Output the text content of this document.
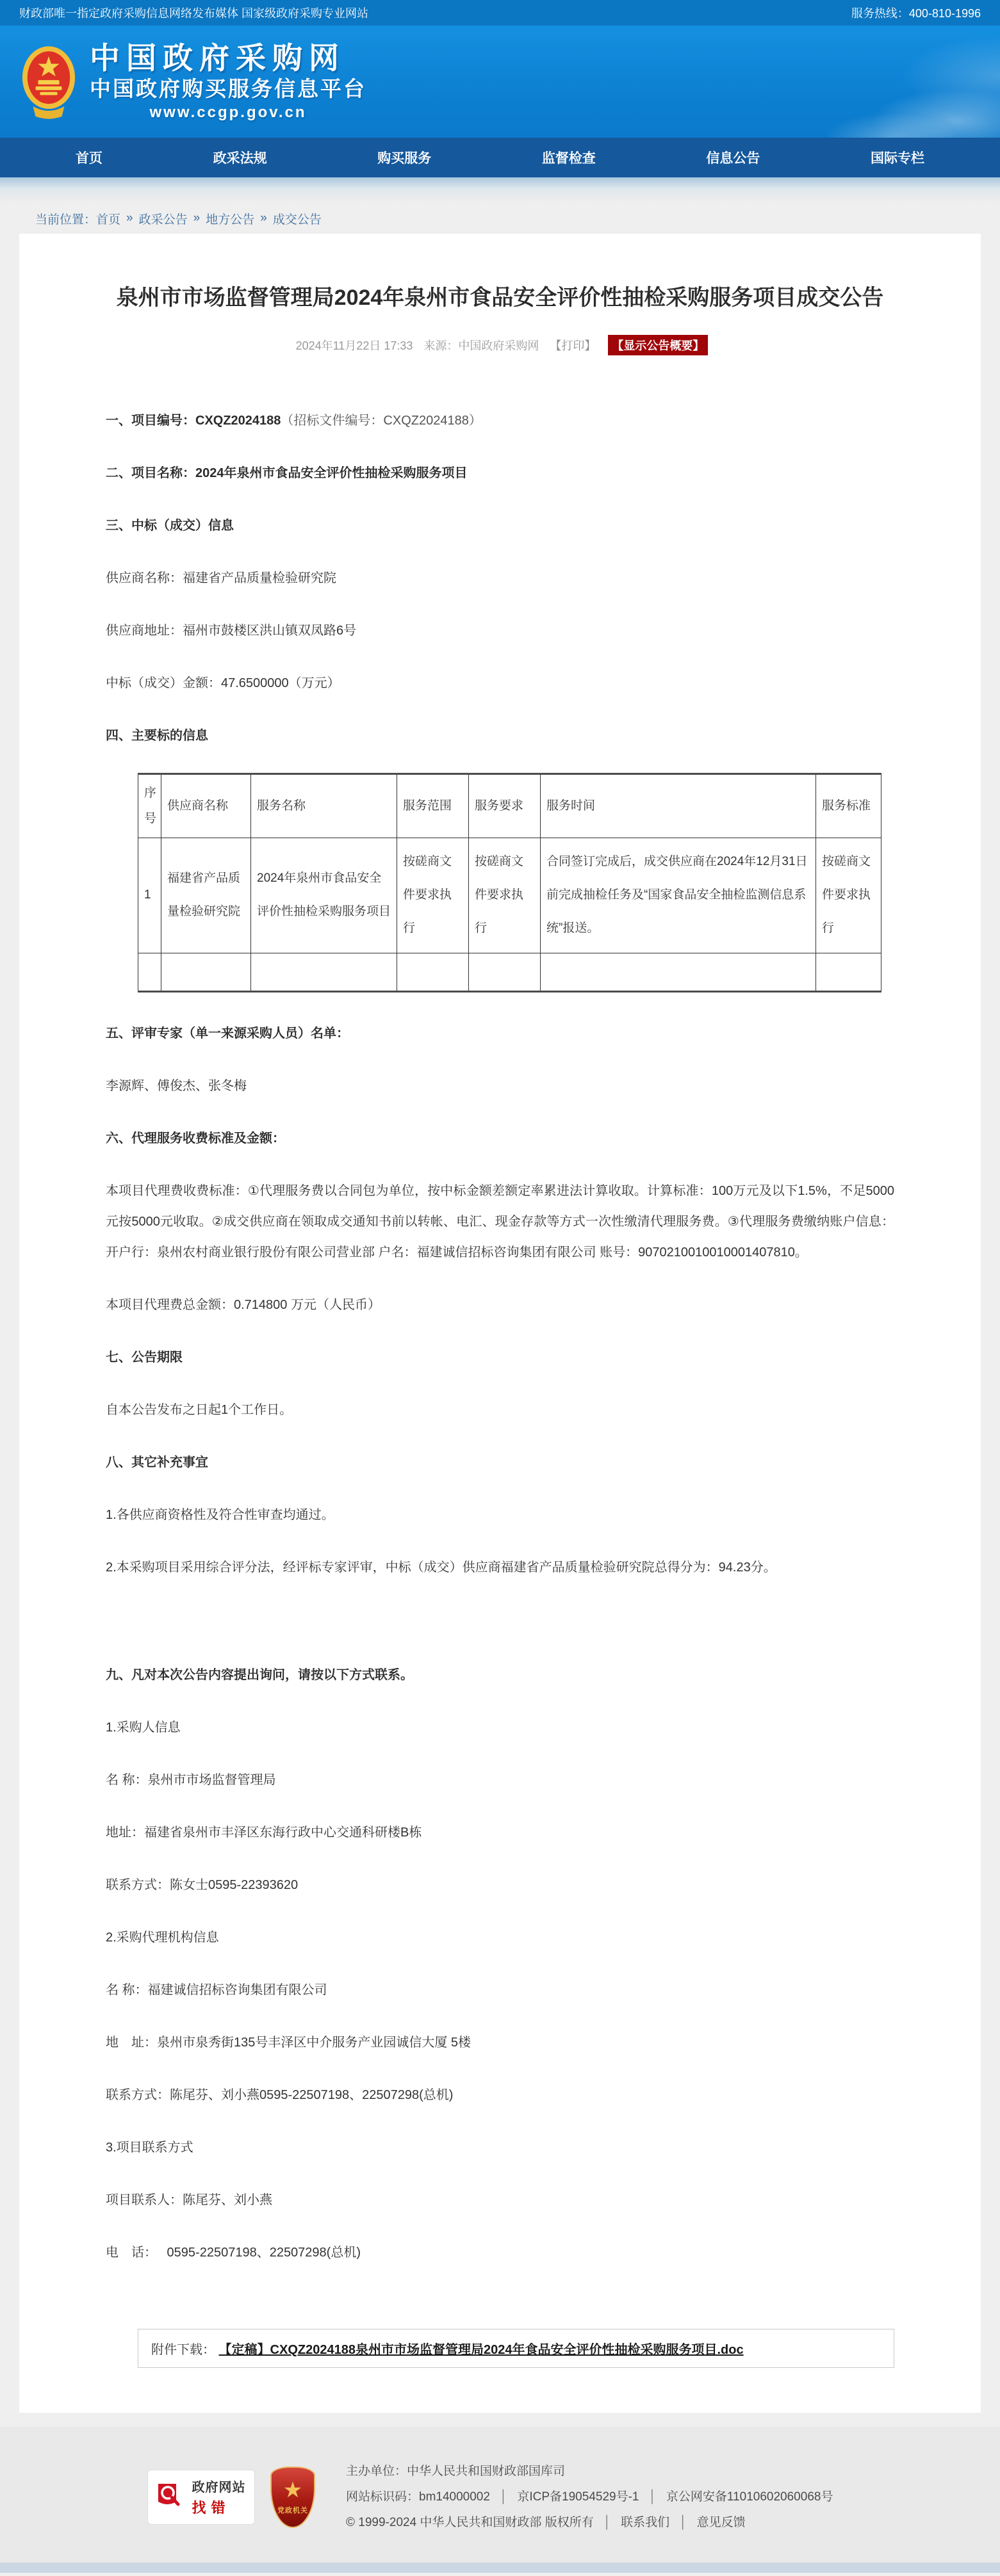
财政部唯一指定政府采购信息网络发布媒体 国家级政府采购专业网站	服务热线：400-810-1996
中国政府采购网
中国政府购买服务信息平台
www.ccgp.gov.cn
首页	政采法规	购买服务	监督检查	信息公告	国际专栏
当前位置： 首页 » 政采公告 » 地方公告 » 成交公告
泉州市市场监督管理局2024年泉州市食品安全评价性抽检采购服务项目成交公告
2024年11月22日 17:33 来源：中国政府采购网 【打印】 【显示公告概要】

一、项目编号：CXQZ2024188（招标文件编号：CXQZ2024188）

二、项目名称：2024年泉州市食品安全评价性抽检采购服务项目

三、中标（成交）信息

供应商名称：福建省产品质量检验研究院

供应商地址：福州市鼓楼区洪山镇双凤路6号

中标（成交）金额：47.6500000（万元）

四、主要标的信息

序号	供应商名称	服务名称	服务范围	服务要求	服务时间	服务标准
1	福建省产品质量检验研究院	2024年泉州市食品安全评价性抽检采购服务项目	按磋商文件要求执行	按磋商文件要求执行	合同签订完成后，成交供应商在2024年12月31日前完成抽检任务及“国家食品安全抽检监测信息系统”报送。	按磋商文件要求执行

五、评审专家（单一来源采购人员）名单：

李源辉、傅俊杰、张冬梅

六、代理服务收费标准及金额：

本项目代理费收费标准：①代理服务费以合同包为单位，按中标金额差额定率累进法计算收取。计算标准：100万元及以下1.5%，不足5000元按5000元收取。②成交供应商在领取成交通知书前以转帐、电汇、现金存款等方式一次性缴清代理服务费。③代理服务费缴纳账户信息：开户行：泉州农村商业银行股份有限公司营业部 户名：福建诚信招标咨询集团有限公司 账号：9070210010010001407810。

本项目代理费总金额：0.714800 万元（人民币）

七、公告期限

自本公告发布之日起1个工作日。

八、其它补充事宜

1.各供应商资格性及符合性审查均通过。

2.本采购项目采用综合评分法，经评标专家评审，中标（成交）供应商福建省产品质量检验研究院总得分为：94.23分。

九、凡对本次公告内容提出询问，请按以下方式联系。

1.采购人信息

名 称：泉州市市场监督管理局

地址：福建省泉州市丰泽区东海行政中心交通科研楼B栋

联系方式：陈女士0595-22393620

2.采购代理机构信息

名 称：福建诚信招标咨询集团有限公司

地　址：泉州市泉秀街135号丰泽区中介服务产业园诚信大厦 5楼

联系方式：陈尾芬、刘小燕0595-22507198、22507298(总机)

3.项目联系方式

项目联系人：陈尾芬、刘小燕

电　话：　 0595-22507198、22507298(总机)

附件下载： 【定稿】CXQZ2024188泉州市市场监督管理局2024年食品安全评价性抽检采购服务项目.doc
政府网站
找错
★
党政机关
主办单位：中华人民共和国财政部国库司
网站标识码：bm14000002 │ 京ICP备19054529号-1 │ 京公网安备11010602060068号
© 1999-2024 中华人民共和国财政部 版权所有 │ 联系我们 │ 意见反馈
